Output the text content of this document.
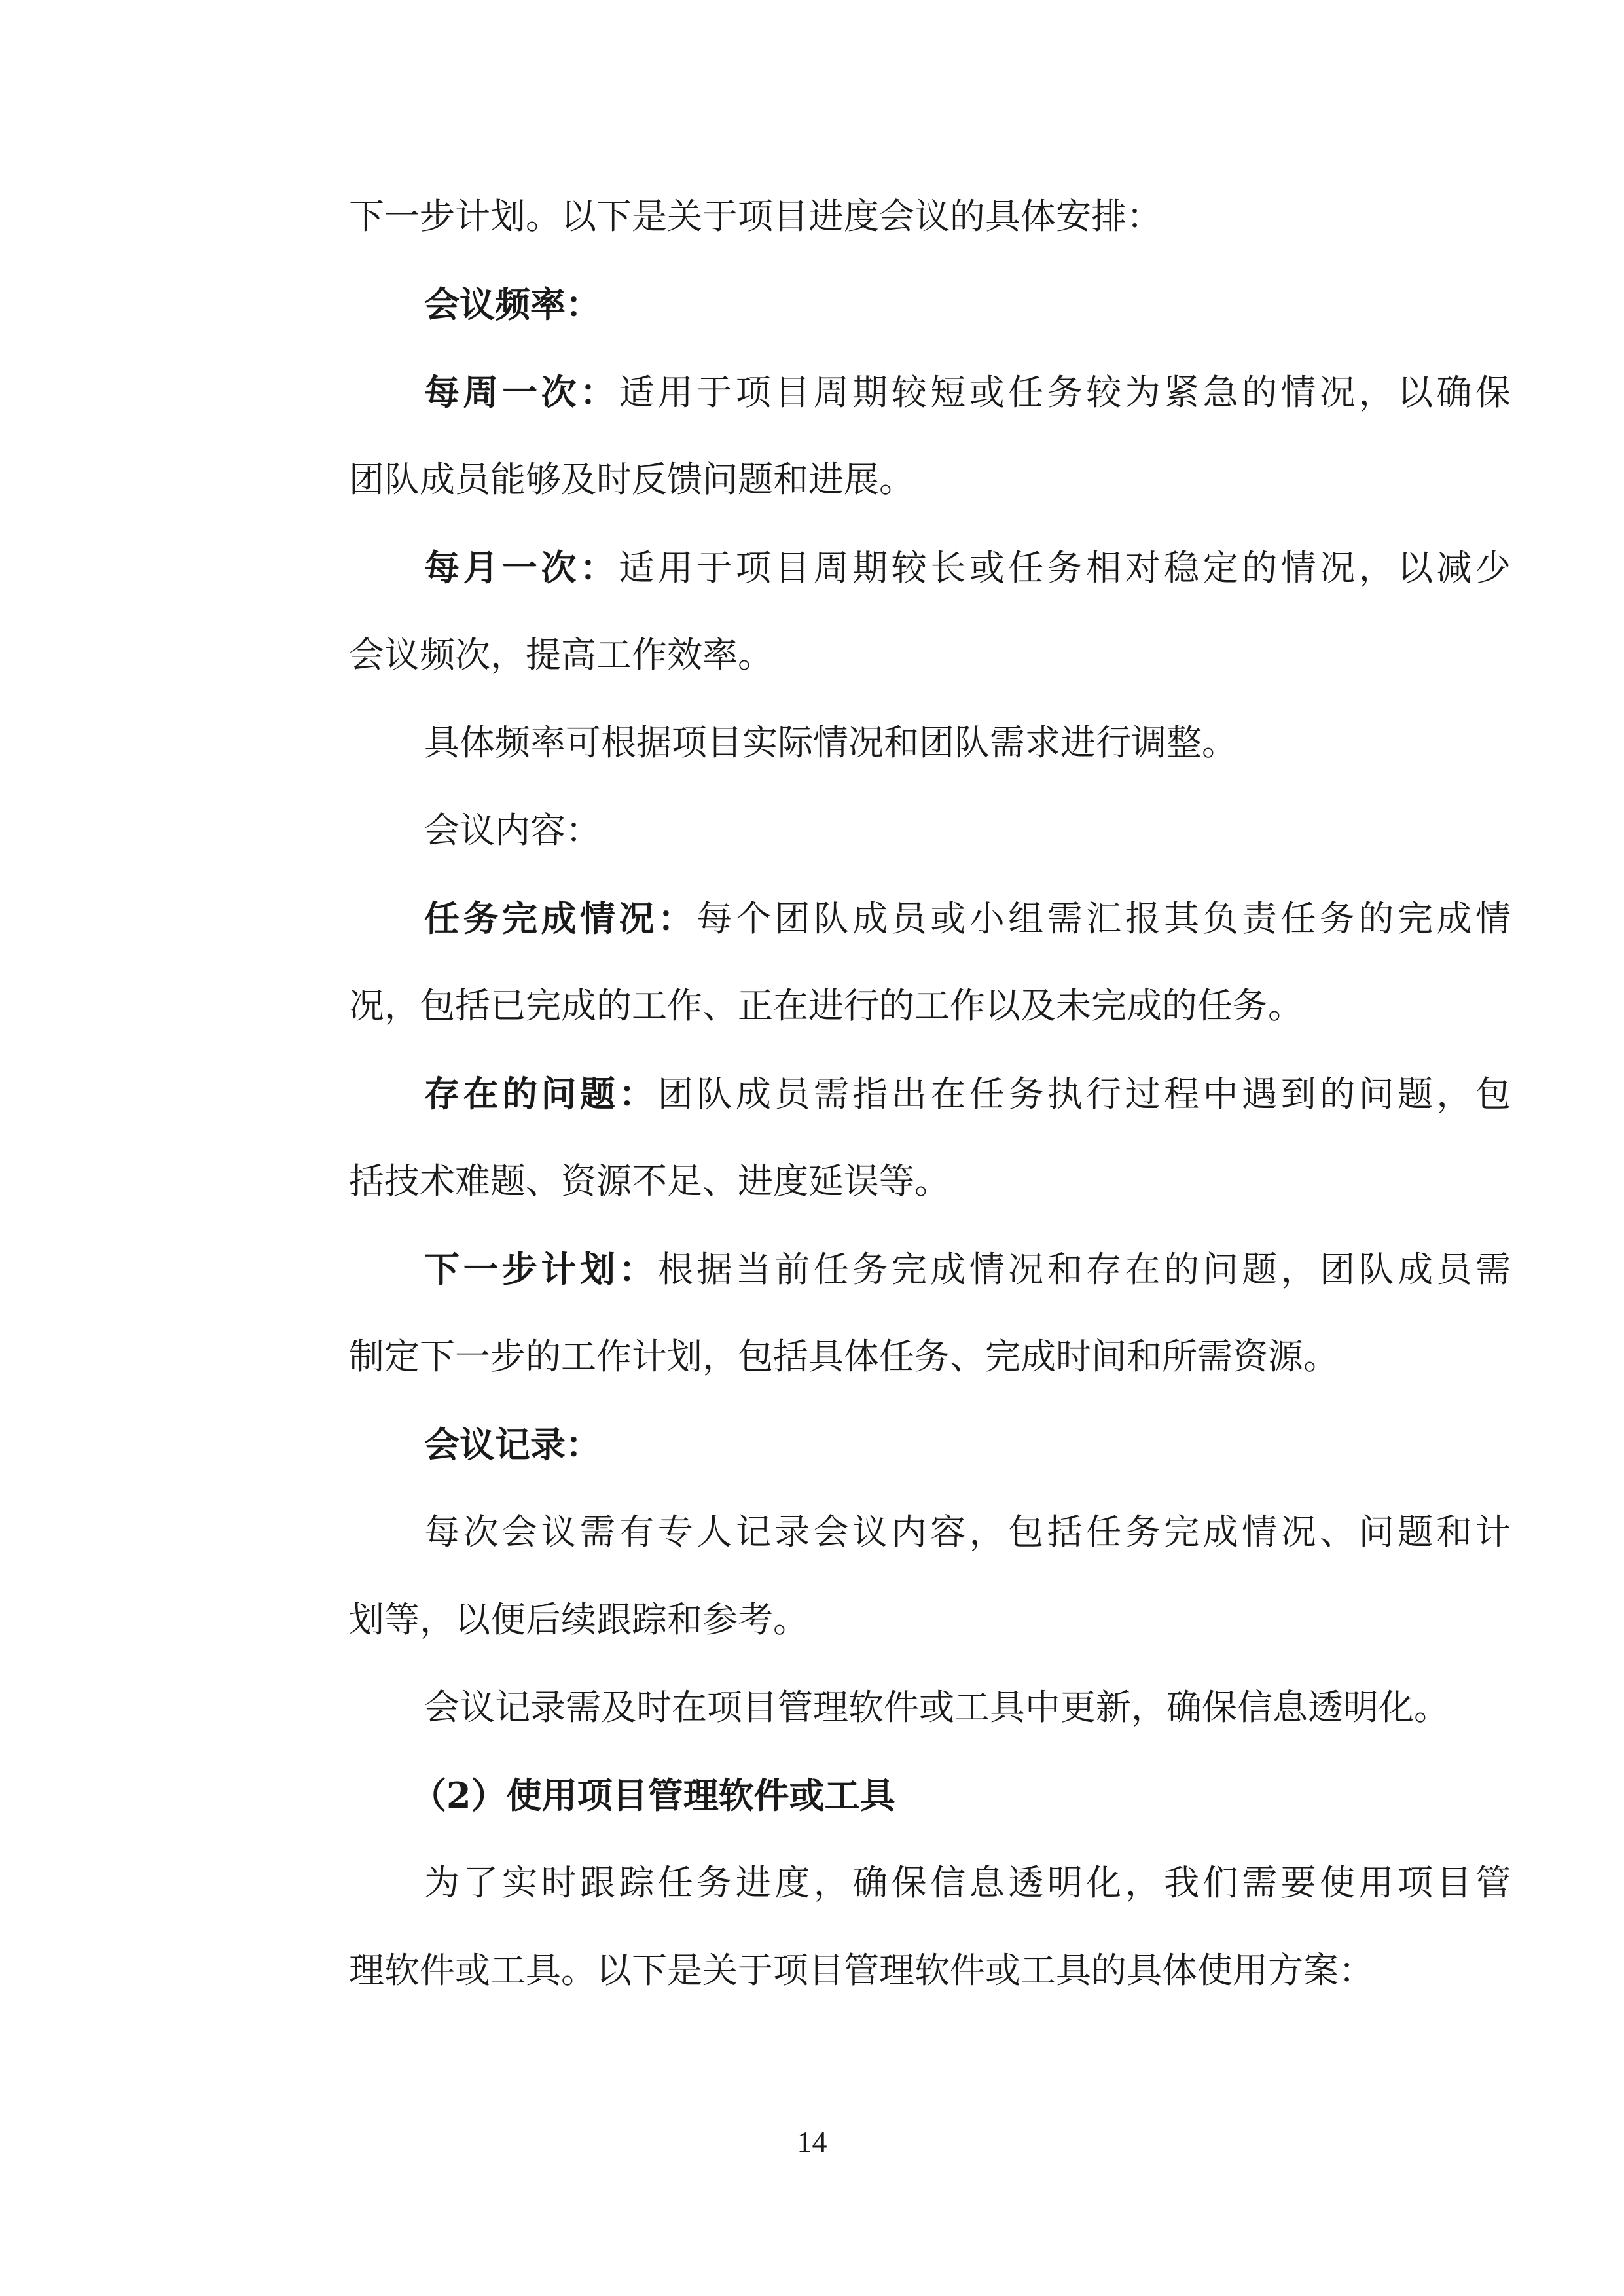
下一步计划。以下是关于项目进度会议的具体安排：
会议频率：
每周一次：适用于项目周期较短或任务较为紧急的情况，以确保
团队成员能够及时反馈问题和进展。
每月一次：适用于项目周期较长或任务相对稳定的情况，以减少
会议频次，提高工作效率。
具体频率可根据项目实际情况和团队需求进行调整。
会议内容：
任务完成情况：每个团队成员或小组需汇报其负责任务的完成情
况，包括已完成的工作、正在进行的工作以及未完成的任务。
存在的问题：团队成员需指出在任务执行过程中遇到的问题，包
括技术难题、资源不足、进度延误等。
下一步计划：根据当前任务完成情况和存在的问题，团队成员需
制定下一步的工作计划，包括具体任务、完成时间和所需资源。
会议记录：
每次会议需有专人记录会议内容，包括任务完成情况、问题和计
划等，以便后续跟踪和参考。
会议记录需及时在项目管理软件或工具中更新，确保信息透明化。
（2）使用项目管理软件或工具
为了实时跟踪任务进度，确保信息透明化，我们需要使用项目管
理软件或工具。以下是关于项目管理软件或工具的具体使用方案：
14
